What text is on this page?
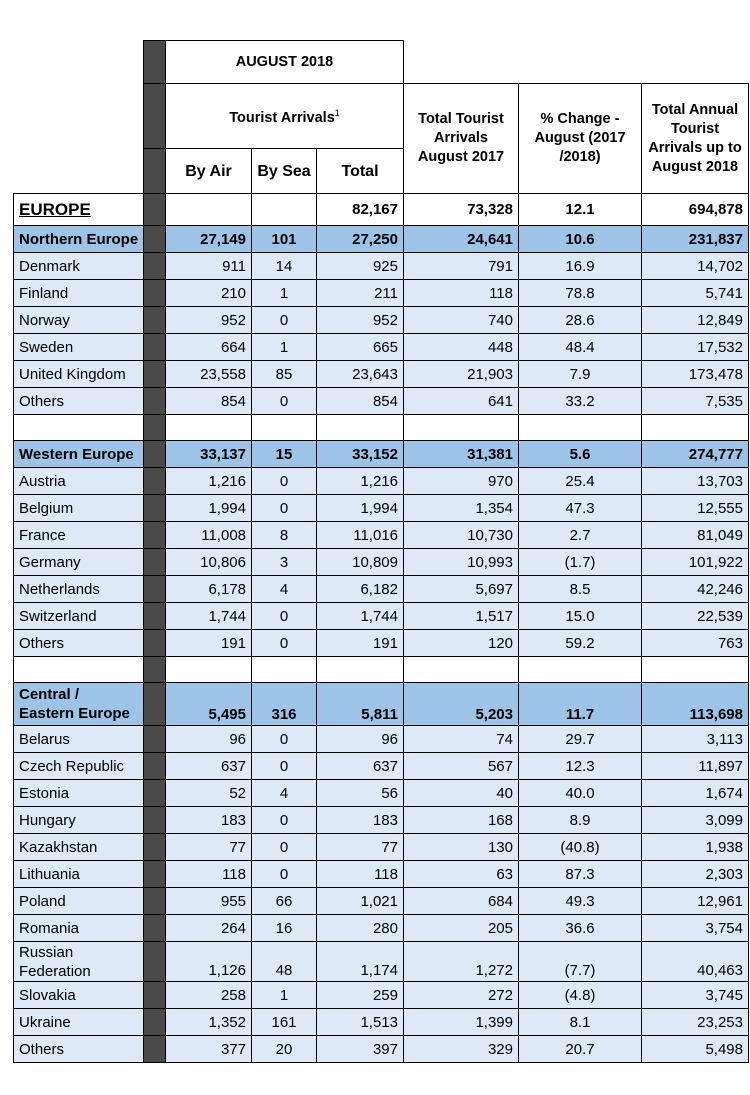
		AUGUST 2018					
		Tourist Arrivals$^1$			Total Tourist Arrivals August 2017	% Change - August (2017 /2018)	Total Annual Tourist Arrivals up to August 2018
		By Air	By Sea	Total			
EUROPE				82,167	73,328	12.1	694,878
Northern Europe		27,149	101	27,250	24,641	10.6	231,837
Denmark		911	14	925	791	16.9	14,702
Finland		210	1	211	118	78.8	5,741
Norway		952	0	952	740	28.6	12,849
Sweden		664	1	665	448	48.4	17,532
United Kingdom		23,558	85	23,643	21,903	7.9	173,478
Others		854	0	854	641	33.2	7,535

Western Europe		33,137	15	33,152	31,381	5.6	274,777
Austria		1,216	0	1,216	970	25.4	13,703
Belgium		1,994	0	1,994	1,354	47.3	12,555
France		11,008	8	11,016	10,730	2.7	81,049
Germany		10,806	3	10,809	10,993	(1.7)	101,922
Netherlands		6,178	4	6,182	5,697	8.5	42,246
Switzerland		1,744	0	1,744	1,517	15.0	22,539
Others		191	0	191	120	59.2	763

Central / Eastern Europe		5,495	316	5,811	5,203	11.7	113,698
Belarus		96	0	96	74	29.7	3,113
Czech Republic		637	0	637	567	12.3	11,897
Estonia		52	4	56	40	40.0	1,674
Hungary		183	0	183	168	8.9	3,099
Kazakhstan		77	0	77	130	(40.8)	1,938
Lithuania		118	0	118	63	87.3	2,303
Poland		955	66	1,021	684	49.3	12,961
Romania		264	16	280	205	36.6	3,754
Russian Federation		1,126	48	1,174	1,272	(7.7)	40,463
Slovakia		258	1	259	272	(4.8)	3,745
Ukraine		1,352	161	1,513	1,399	8.1	23,253
Others		377	20	397	329	20.7	5,498
